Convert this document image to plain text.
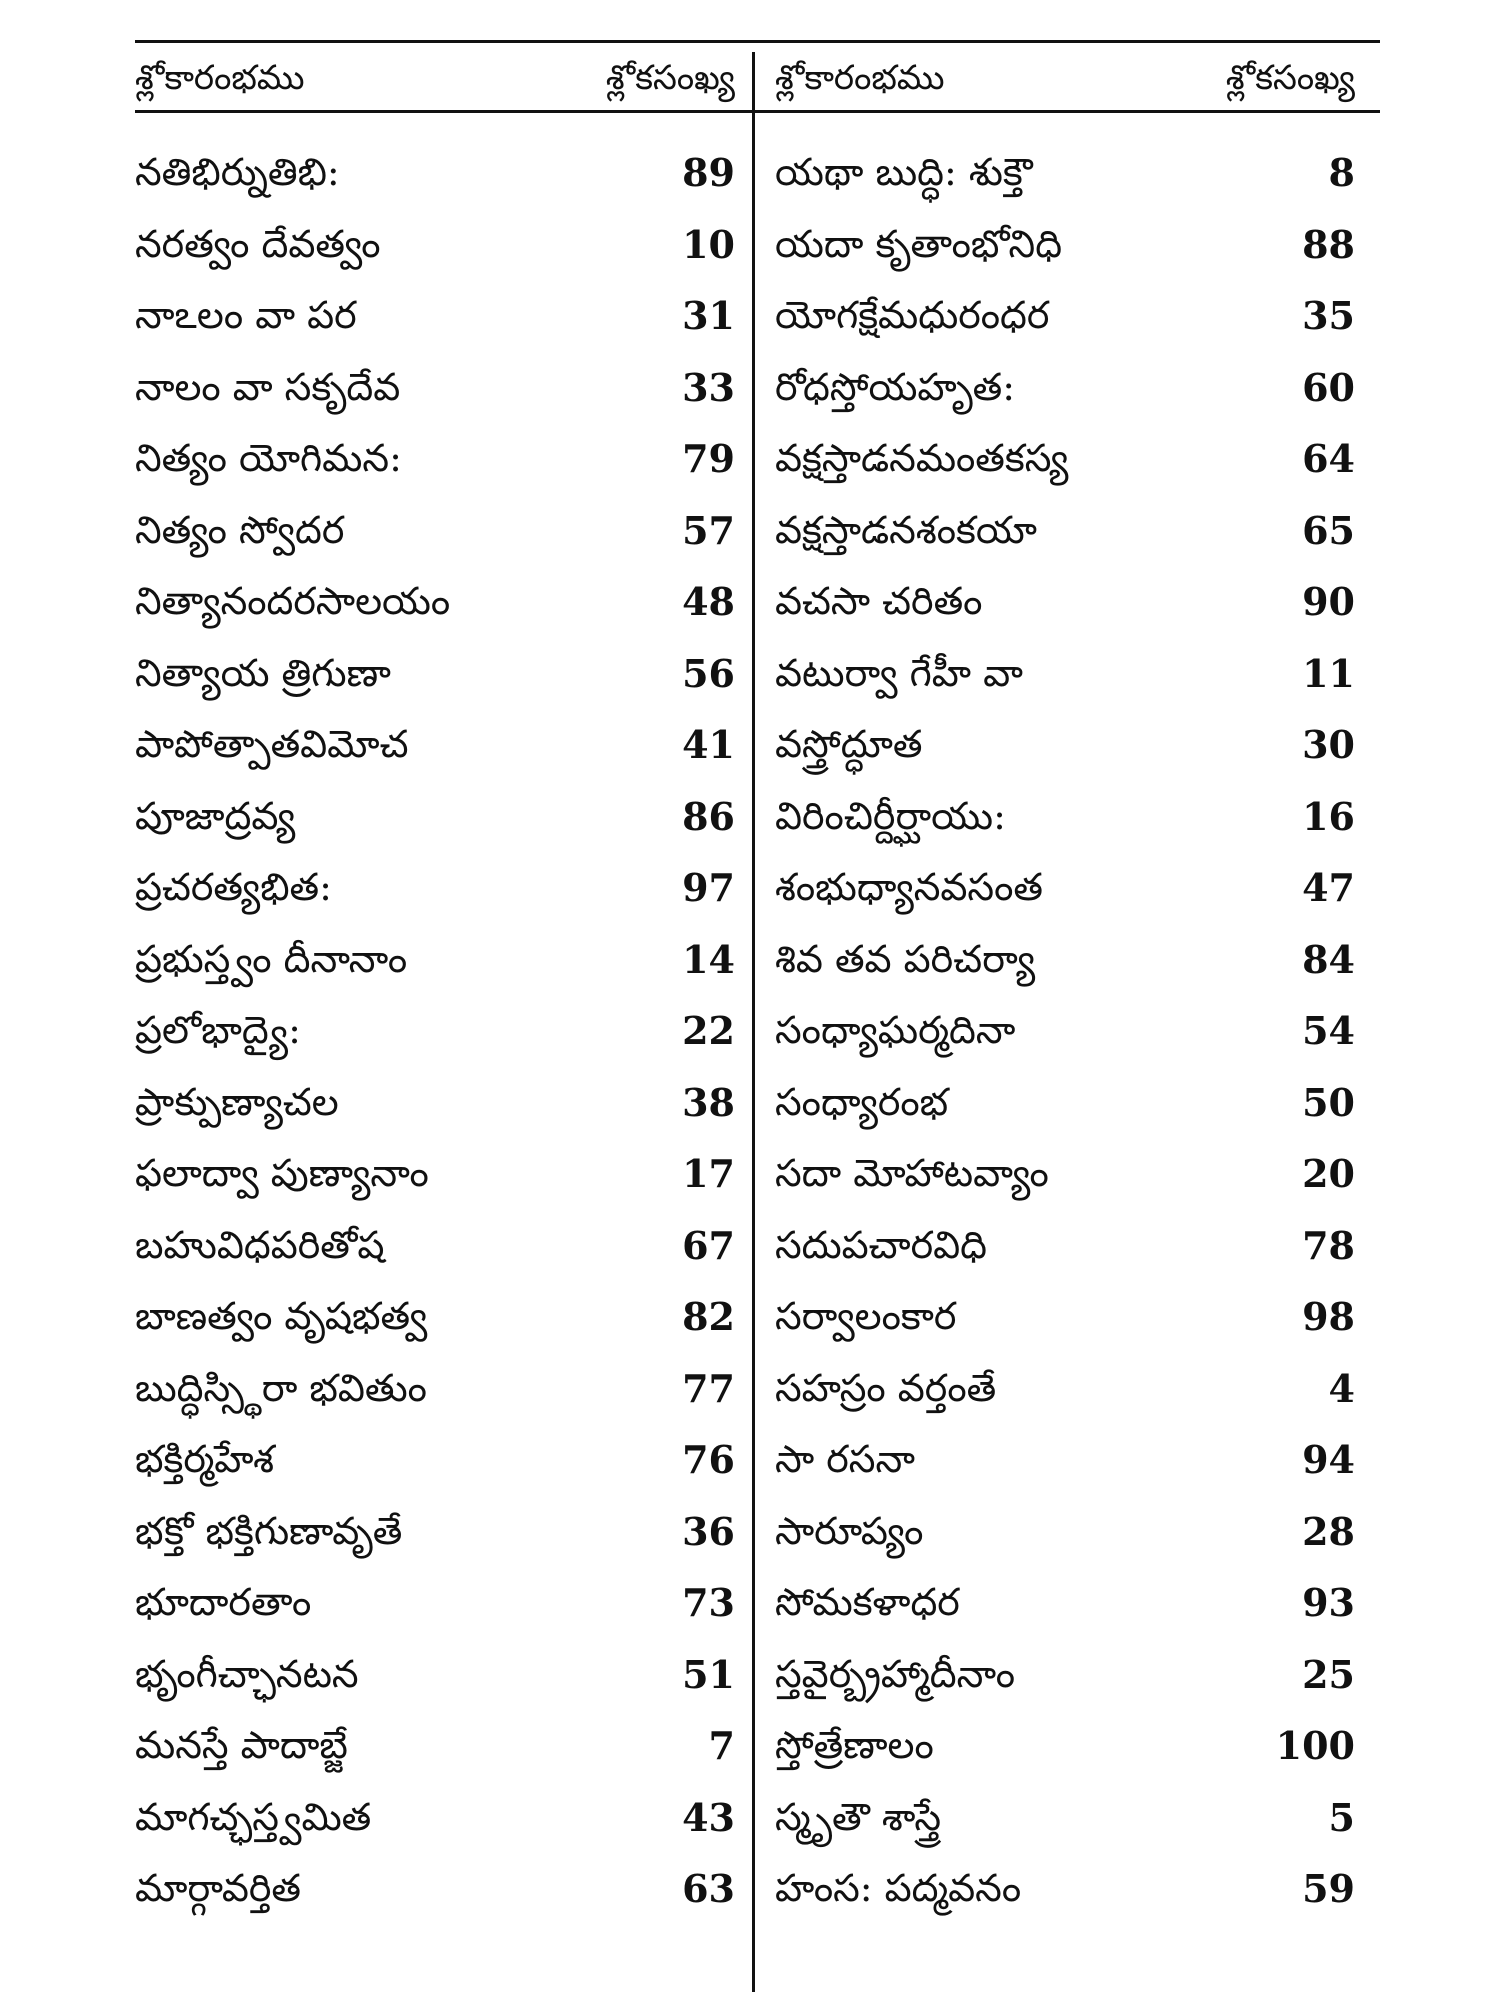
శ్లోకారంభము	శ్లోకసంఖ్య
నతిభిర్నుతిభి:	89
నరత్వం దేవత్వం	10
నాఽలం వా పర	31
నాలం వా సకృదేవ	33
నిత్యం యోగిమన:	79
నిత్యం స్వోదర	57
నిత్యానందరసాలయం	48
నిత్యాయ త్రిగుణా	56
పాపోత్పాతవిమోచ	41
పూజాద్రవ్య	86
ప్రచరత్యభిత:	97
ప్రభుస్త్వం దీనానాం	14
ప్రలోభాద్యై:	22
ప్రాక్పుణ్యాచల	38
ఫలాద్వా పుణ్యానాం	17
బహువిధపరితోష	67
బాణత్వం వృషభత్వ	82
బుద్ధిస్స్థిరా భవితుం	77
భక్తిర్మహేశ	76
భక్తో భక్తిగుణావృతే	36
భూదారతాం	73
భృంగీచ్ఛానటన	51
మనస్తే పాదాబ్జే	7
మాగచ్ఛస్త్వమిత	43
మార్గావర్తిత	63
శ్లోకారంభము	శ్లోకసంఖ్య
యథా బుద్ధి: శుక్తౌ	8
యదా కృతాంభోనిధి	88
యోగక్షేమధురంధర	35
రోధస్తోయహృత:	60
వక్షస్తాడనమంతకస్య	64
వక్షస్తాడనశంకయా	65
వచసా చరితం	90
వటుర్వా గేహీ వా	11
వస్త్రోద్ధూత	30
విరించిర్దీర్ఘాయు:	16
శంభుధ్యానవసంత	47
శివ తవ పరిచర్యా	84
సంధ్యాఘర్మదినా	54
సంధ్యారంభ	50
సదా మోహాటవ్యాం	20
సదుపచారవిధి	78
సర్వాలంకార	98
సహస్రం వర్తంతే	4
సా రసనా	94
సారూప్యం	28
సోమకళాధర	93
స్తవైర్బ్రహ్మాదీనాం	25
స్తోత్రేణాలం	100
స్మృతౌ శాస్త్రే	5
హంస: పద్మవనం	59
